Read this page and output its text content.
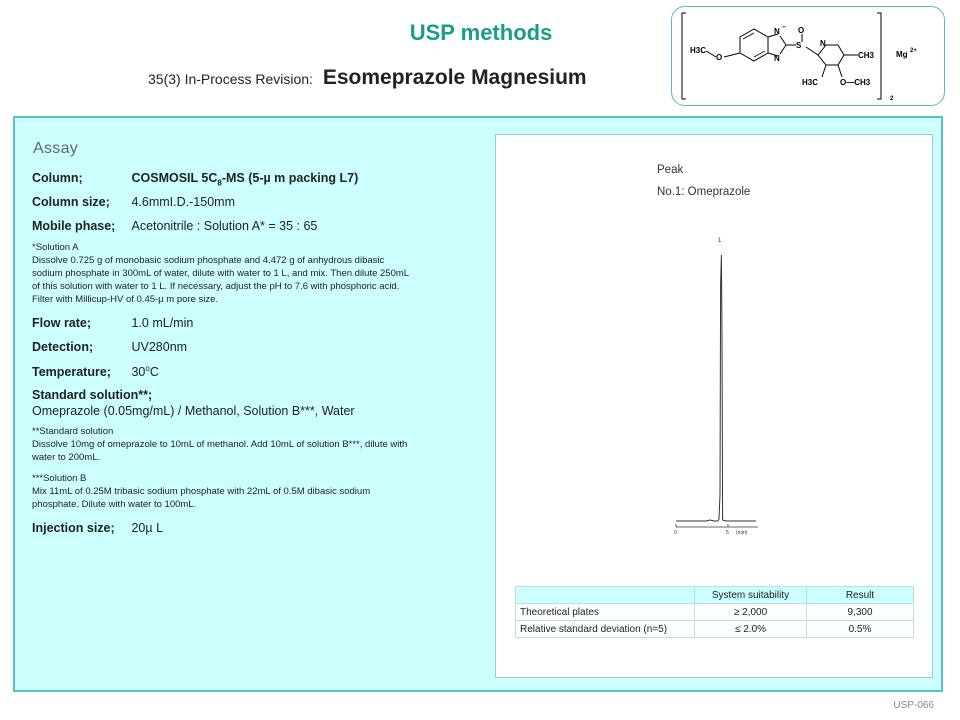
USP methods
35(3) In-Process Revision: Esomeprazole Magnesium
H3C
O
N –
N
S
O
N
CH3
H3C	O—CH3
Mg 2+
2
Assay
Column;	COSMOSIL $5C_8-MS$ (5-µ m packing L7)
Column size; 4.6mmI.D.-150mm
Mobile phase; Acetonitrile : Solution A* = 35 : 65
*Solution A
Dissolve 0.725 g of monobasic sodium phosphate and 4.472 g of anhydrous dibasic
sodium phosphate in 300mL of water, dilute with water to 1 L, and mix. Then dilute 250mL
of this solution with water to 1 L. If necessary, adjust the pH to 7.6 with phosphoric acid.
Filter with Millicup-HV of 0.45-µ m pore size.
Flow rate;	1.0 mL/min
Detection;	UV280nm
Temperature; 30$^o$C
Standard solution**;
Omeprazole (0.05mg/mL) / Methanol, Solution B***, Water
**Standard solution
Dissolve 10mg of omeprazole to 10mL of methanol. Add 10mL of solution B***, dilute with
water to 200mL.
***Solution B
Mix 11mL of 0.25M tribasic sodium phosphate with 22mL of 0.5M dibasic sodium
phosphate. Dilute with water to 100mL.
Injection size; 20µ L
Peak
No.1: Omeprazole
0	5 (min)
1
	System suitability	Result
Theoretical plates	≥ 2,000	9,300
Relative standard deviation (n=5)	≤ 2.0%	0.5%
USP-066
